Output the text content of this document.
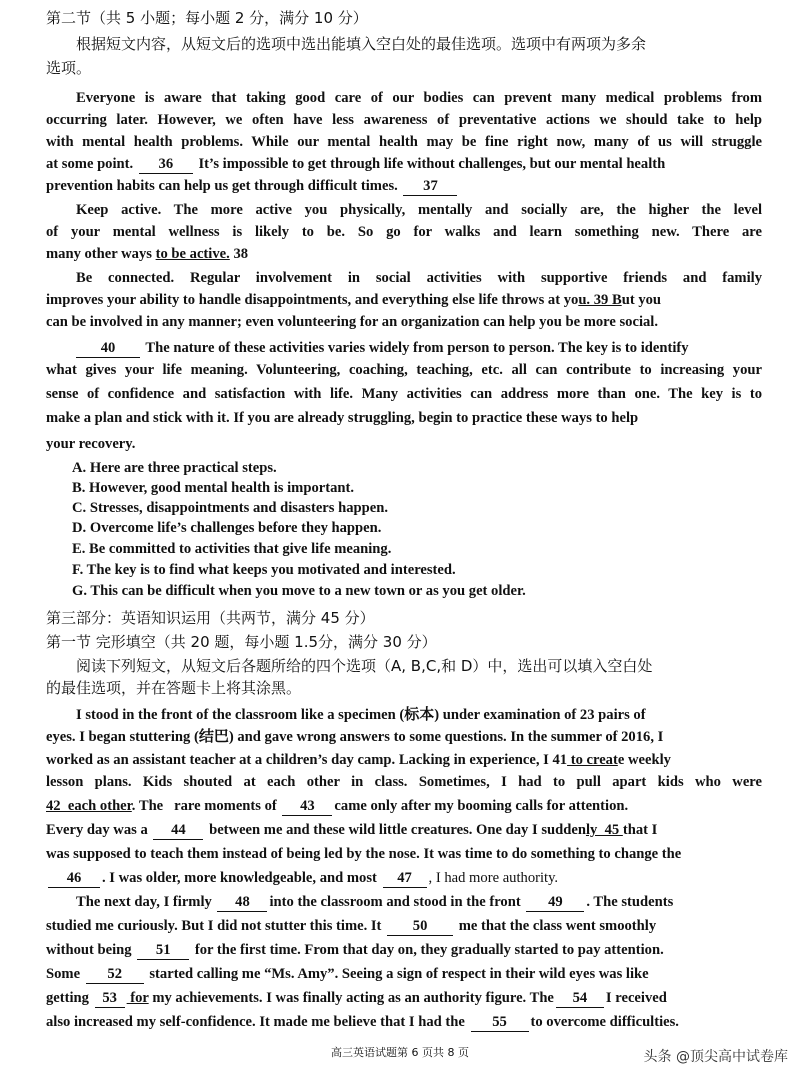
第二节（共 5 小题；每小题 2 分，满分 10 分）
根据短文内容，从短文后的选项中选出能填入空白处的最佳选项。选项中有两项为多余
选项。
Everyone is aware that taking good care of our bodies can prevent many medical problems from
occurring later. However, we often have less awareness of preventative actions we should take to help
with mental health problems. While our mental health may be fine right now, many of us will struggle
at some point. 36 It’s impossible to get through life without challenges, but our mental health
prevention habits can help us get through difficult times. 37
Keep active. The more active you physically, mentally and socially are, the higher the level
of your mental wellness is likely to be. So go for walks and learn something new. There are
many other ways to be active. 38
Be connected. Regular involvement in social activities with supportive friends and family
improves your ability to handle disappointments, and everything else life throws at you. 39 But you
can be involved in any manner; even volunteering for an organization can help you be more social.
40 The nature of these activities varies widely from person to person. The key is to identify
what gives your life meaning. Volunteering, coaching, teaching, etc. all can contribute to increasing your
sense of confidence and satisfaction with life. Many activities can address more than one. The key is to
make a plan and stick with it. If you are already struggling, begin to practice these ways to help
your recovery.
A. Here are three practical steps.
B. However, good mental health is important.
C. Stresses, disappointments and disasters happen.
D. Overcome life’s challenges before they happen.
E. Be committed to activities that give life meaning.
F. The key is to find what keeps you motivated and interested.
G. This can be difficult when you move to a new town or as you get older.
第三部分：英语知识运用（共两节，满分 45 分）
第一节 完形填空（共 20 题，每小题 1.5分，满分 30 分）
阅读下列短文，从短文后各题所给的四个选项（A, B,C,和 D）中，选出可以填入空白处
的最佳选项，并在答题卡上将其涂黑。
I stood in the front of the classroom like a specimen (标本) under examination of 23 pairs of
eyes. I began stuttering (结巴) and gave wrong answers to some questions. In the summer of 2016, I
worked as an assistant teacher at a children’s day camp. Lacking in experience, I 41 to create weekly
lesson plans. Kids shouted at each other in class. Sometimes, I had to pull apart kids who were
42  each other. The   rare moments of 43 came only after my booming calls for attention.
Every day was a 44 between me and these wild little creatures. One day I suddenly  45 that I
was supposed to teach them instead of being led by the nose. It was time to do something to change the
46 . I was older, more knowledgeable, and most 47 , I had more authority.
The next day, I firmly 48 into the classroom and stood in the front 49 . The students
studied me curiously. But I did not stutter this time. It 50 me that the class went smoothly
without being 51 for the first time. From that day on, they gradually started to pay attention.
Some 52 started calling me “Ms. Amy”. Seeing a sign of respect in their wild eyes was like
getting 53 for my achievements. I was finally acting as an authority figure. The 54 I received
also increased my self-confidence. It made me believe that I had the 55 to overcome difficulties.
高三英语试题第 6 页共 8 页	头条 @顶尖高中试卷库
